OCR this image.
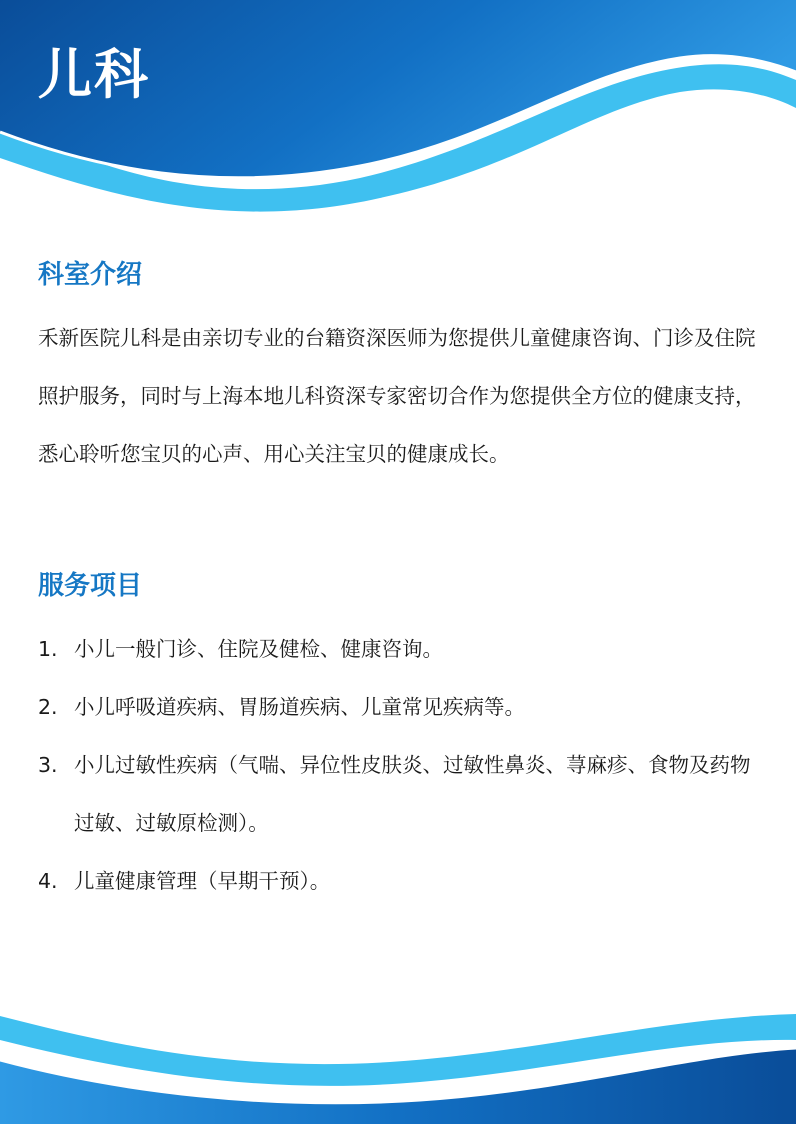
儿科
科室介绍

禾新医院儿科是由亲切专业的台籍资深医师为您提供儿童健康咨询、门诊及住院照护服务，同时与上海本地儿科资深专家密切合作为您提供全方位的健康支持，悉心聆听您宝贝的心声、用心关注宝贝的健康成长。

服务项目
1. 小儿一般门诊、住院及健检、健康咨询。
2. 小儿呼吸道疾病、胃肠道疾病、儿童常见疾病等。
3. 小儿过敏性疾病（气喘、异位性皮肤炎、过敏性鼻炎、荨麻疹、食物及药物过敏、过敏原检测）。
4. 儿童健康管理（早期干预）。
